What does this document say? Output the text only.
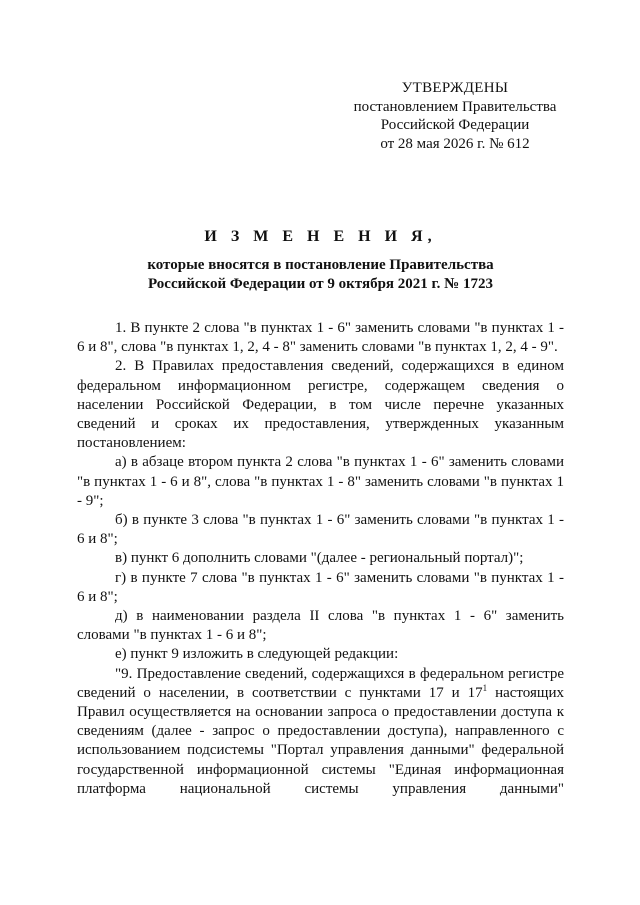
УТВЕРЖДЕНЫ
постановлением Правительства
Российской Федерации
от 28 мая 2026 г. № 612
И З М Е Н Е Н И Я,
которые вносятся в постановление Правительства
Российской Федерации от 9 октября 2021 г. № 1723

1. В пункте 2 слова "в пунктах 1 - 6" заменить словами "в пунктах 1 - 6 и 8", слова "в пунктах 1, 2, 4 - 8" заменить словами "в пунктах 1, 2, 4 - 9".

2. В Правилах предоставления сведений, содержащихся в едином федеральном информационном регистре, содержащем сведения о населении Российской Федерации, в том числе перечне указанных сведений и сроках их предоставления, утвержденных указанным постановлением:

а) в абзаце втором пункта 2 слова "в пунктах 1 - 6" заменить словами "в пунктах 1 - 6 и 8", слова "в пунктах 1 - 8" заменить словами "в пунктах 1 - 9";

б) в пункте 3 слова "в пунктах 1 - 6" заменить словами "в пунктах 1 - 6 и 8";

в) пункт 6 дополнить словами "(далее - региональный портал)";

г) в пункте 7 слова "в пунктах 1 - 6" заменить словами "в пунктах 1 - 6 и 8";

д) в наименовании раздела II слова "в пунктах 1 - 6" заменить словами "в пунктах 1 - 6 и 8";

е) пункт 9 изложить в следующей редакции:

"9. Предоставление сведений, содержащихся в федеральном регистре сведений о населении, в соответствии с пунктами 17 и $17^1$ настоящих Правил осуществляется на основании запроса о предоставлении доступа к сведениям (далее - запрос о предоставлении доступа), направленного с использованием подсистемы "Портал управления данными" федеральной государственной информационной системы "Единая информационная платформа национальной системы управления данными"
